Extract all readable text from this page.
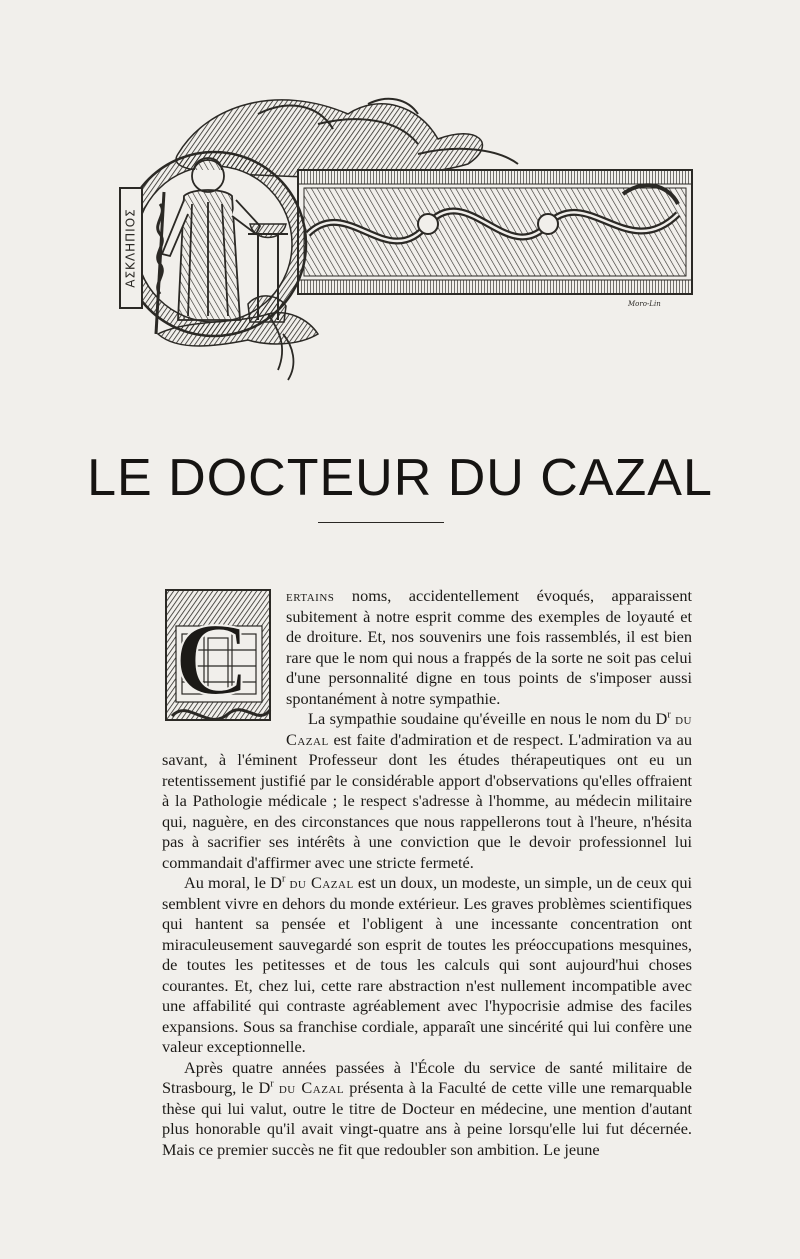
ΑΣΚΛΗΠΙΟΣ
Moro-Lin
LE DOCTEUR DU CAZAL
C

ertains noms, accidentellement évoqués, apparaissent subitement à notre esprit comme des exemples de loyauté et de droiture. Et, nos souvenirs une fois rassemblés, il est bien rare que le nom qui nous a frappés de la sorte ne soit pas celui d'une personnalité digne en tous points de s'imposer aussi spontanément à notre sympathie.

La sympathie soudaine qu'éveille en nous le nom du $D^r$ du Cazal est faite d'admiration et de respect. L'admiration va au savant, à l'éminent Professeur dont les études thérapeutiques ont eu un retentissement justifié par le considérable apport d'observations qu'elles offraient à la Pathologie médicale ; le respect s'adresse à l'homme, au médecin militaire qui, naguère, en des circonstances que nous rappellerons tout à l'heure, n'hésita pas à sacrifier ses intérêts à une conviction que le devoir professionnel lui commandait d'affirmer avec une stricte fermeté.

Au moral, le $D^r$ du Cazal est un doux, un modeste, un simple, un de ceux qui semblent vivre en dehors du monde extérieur. Les graves problèmes scientifiques qui hantent sa pensée et l'obligent à une incessante concentration ont miraculeusement sauvegardé son esprit de toutes les préoccupations mesquines, de toutes les petitesses et de tous les calculs qui sont aujourd'hui choses courantes. Et, chez lui, cette rare abstraction n'est nullement incompatible avec une affabilité qui contraste agréablement avec l'hypocrisie admise des faciles expansions. Sous sa franchise cordiale, apparaît une sincérité qui lui confère une valeur exceptionnelle.

Après quatre années passées à l'École du service de santé militaire de Strasbourg, le $D^r$ du Cazal présenta à la Faculté de cette ville une remarquable thèse qui lui valut, outre le titre de Docteur en médecine, une mention d'autant plus honorable qu'il avait vingt-quatre ans à peine lorsqu'elle lui fut décernée. Mais ce premier succès ne fit que redoubler son ambition. Le jeune
